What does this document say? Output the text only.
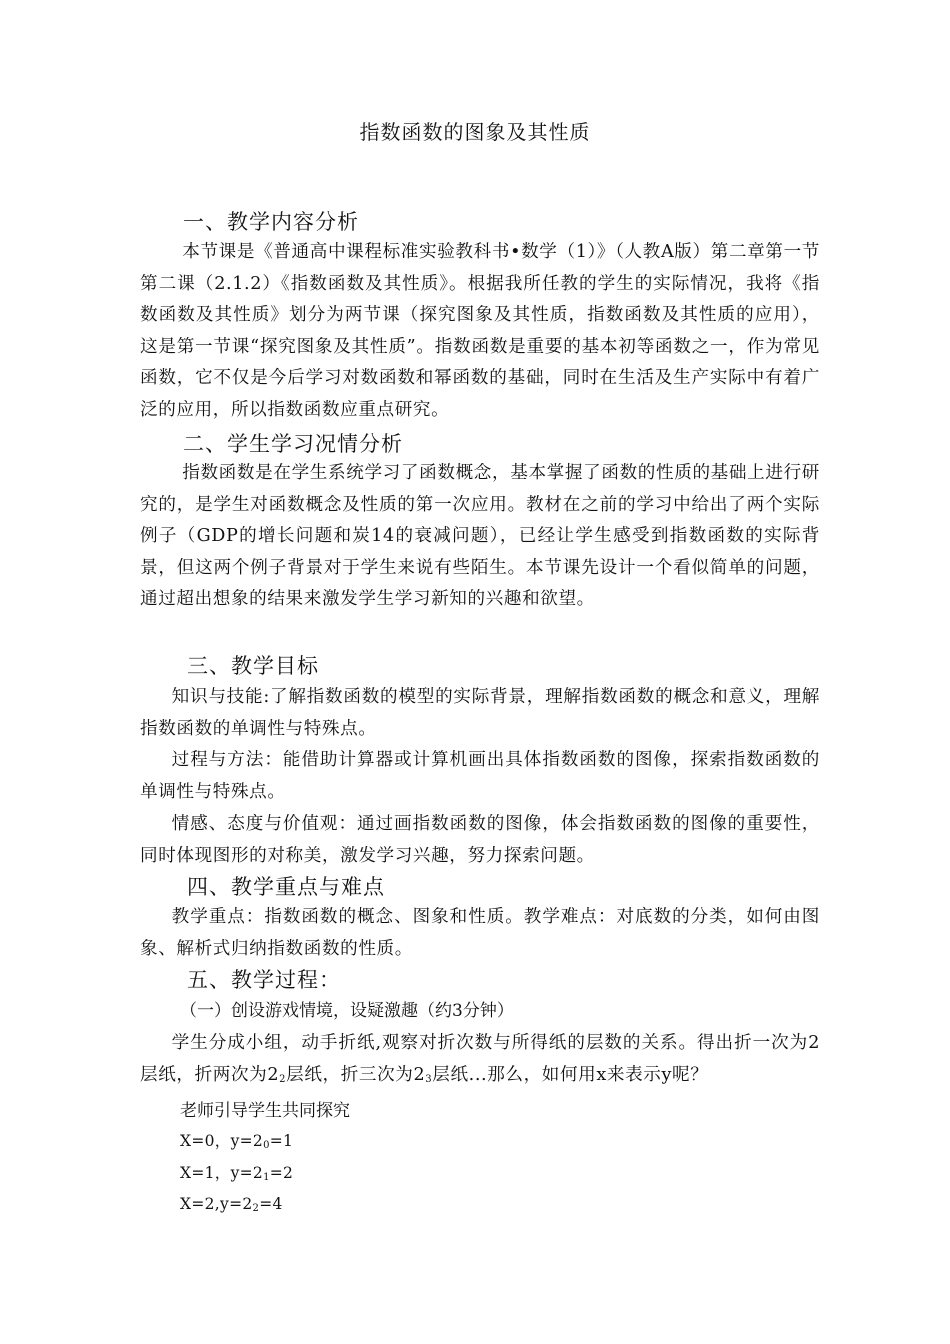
指数函数的图象及其性质
一、教学内容分析
本节课是《普通高中课程标准实验教科书•数学（1）》（人教A版）第二章第一节第二课（2.1.2）《指数函数及其性质》。根据我所任教的学生的实际情况，我将《指数函数及其性质》划分为两节课（探究图象及其性质，指数函数及其性质的应用），这是第一节课“探究图象及其性质”。指数函数是重要的基本初等函数之一，作为常见函数，它不仅是今后学习对数函数和幂函数的基础，同时在生活及生产实际中有着广泛的应用，所以指数函数应重点研究。
二、学生学习况情分析
指数函数是在学生系统学习了函数概念，基本掌握了函数的性质的基础上进行研究的，是学生对函数概念及性质的第一次应用。教材在之前的学习中给出了两个实际例子（GDP的增长问题和炭14的衰减问题），已经让学生感受到指数函数的实际背景，但这两个例子背景对于学生来说有些陌生。本节课先设计一个看似简单的问题，通过超出想象的结果来激发学生学习新知的兴趣和欲望。
三、教学目标
知识与技能:了解指数函数的模型的实际背景，理解指数函数的概念和意义，理解指数函数的单调性与特殊点。
过程与方法：能借助计算器或计算机画出具体指数函数的图像，探索指数函数的单调性与特殊点。
情感、态度与价值观：通过画指数函数的图像，体会指数函数的图像的重要性，同时体现图形的对称美，激发学习兴趣，努力探索问题。
四、教学重点与难点
教学重点：指数函数的概念、图象和性质。教学难点：对底数的分类，如何由图象、解析式归纳指数函数的性质。
五、教学过程：
（一）创设游戏情境，设疑激趣（约3分钟）
学生分成小组，动手折纸,观察对折次数与所得纸的层数的关系。得出折一次为2层纸，折两次为$2_2$层纸，折三次为$2_3$层纸...那么，如何用x来表示y呢？
老师引导学生共同探究
X=0，$y=2_0=1$
X=1，$y=2_1=2$
$X=2,y=2_2=4$
